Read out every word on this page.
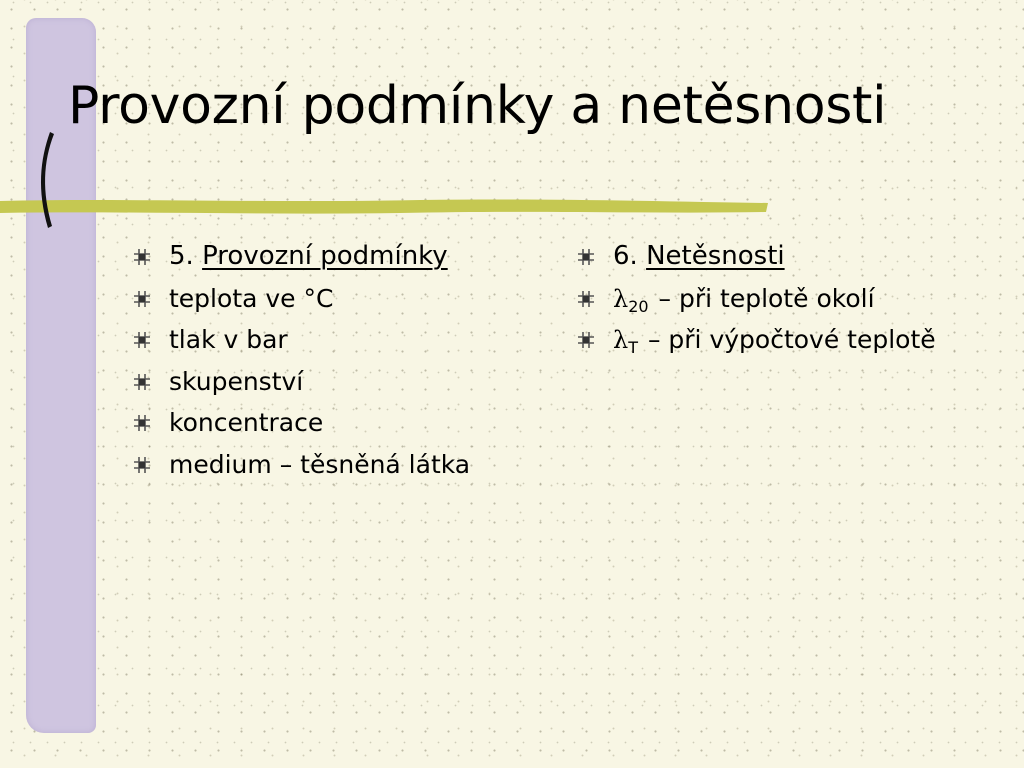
Provozní podmínky a netěsnosti
5. Provozní podmínky
teplota ve °C
tlak v bar
skupenství
koncentrace
medium – těsněná látka
6. Netěsnosti
$\lambda_{20}$ – při teplotě okolí
$\lambda_T$ – při výpočtové teplotě
